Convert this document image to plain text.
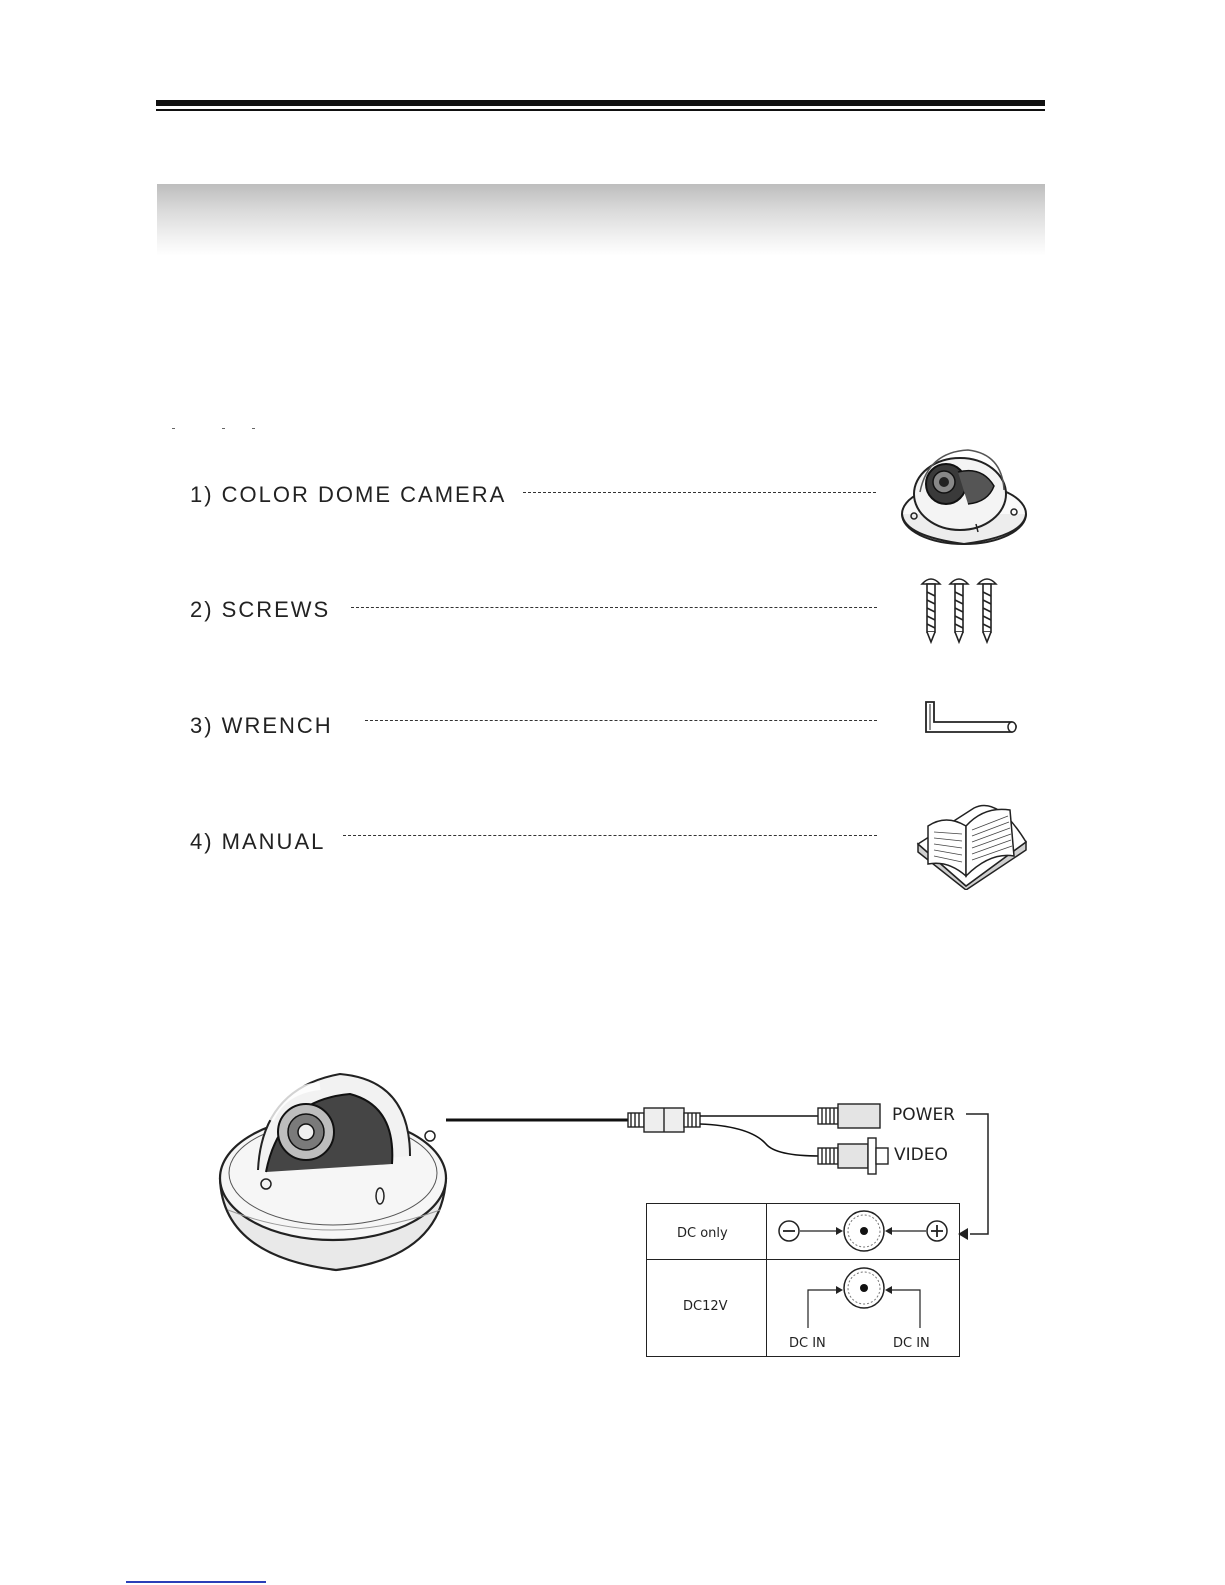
1) COLOR DOME CAMERA
2) SCREWS
3) WRENCH
4) MANUAL
POWER
VIDEO
DC only
DC12V
DC IN	DC IN
